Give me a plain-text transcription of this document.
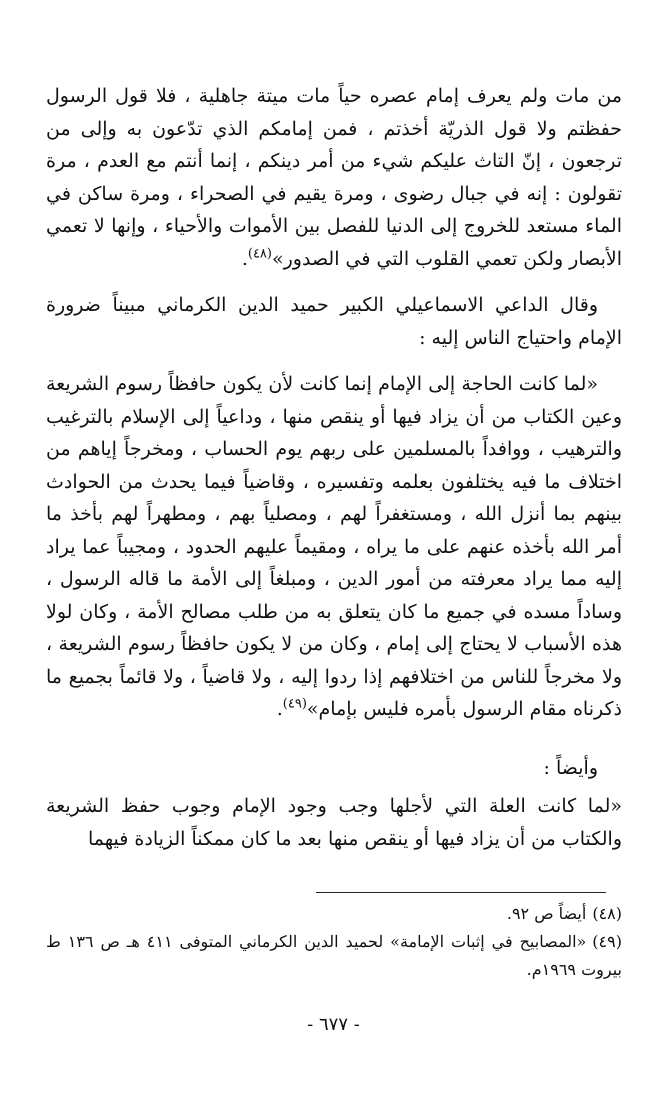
من مات ولم يعرف إمام عصره حياً مات ميتة جاهلية ، فلا قول الرسول حفظتم ولا قول الذريّة أخذتم ، فمن إمامكم الذي تدّعون به وإلى من ترجعون ، إنّ التاث عليكم شيء من أمر دينكم ، إنما أنتم مع العدم ، مرة تقولون : إنه في جبال رضوى ، ومرة يقيم في الصحراء ، ومرة ساكن في الماء مستعد للخروج إلى الدنيا للفصل بين الأموات والأحياء ، وإنها لا تعمي الأبصار ولكن تعمي القلوب التي في الصدور»$^{(٤٨)}$.

وقال الداعي الاسماعيلي الكبير حميد الدين الكرماني مبيناً ضرورة الإمام واحتياج الناس إليه :

«لما كانت الحاجة إلى الإمام إنما كانت لأن يكون حافظاً رسوم الشريعة وعين الكتاب من أن يزاد فيها أو ينقص منها ، وداعياً إلى الإسلام بالترغيب والترهيب ، ووافداً بالمسلمين على ربهم يوم الحساب ، ومخرجاً إياهم من اختلاف ما فيه يختلفون بعلمه وتفسيره ، وقاضياً فيما يحدث من الحوادث بينهم بما أنزل الله ، ومستغفراً لهم ، ومصلياً بهم ، ومطهراً لهم بأخذ ما أمر الله بأخذه عنهم على ما يراه ، ومقيماً عليهم الحدود ، ومجيباً عما يراد إليه مما يراد معرفته من أمور الدين ، ومبلغاً إلى الأمة ما قاله الرسول ، وساداً مسده في جميع ما كان يتعلق به من طلب مصالح الأمة ، وكان لولا هذه الأسباب لا يحتاج إلى إمام ، وكان من لا يكون حافظاً رسوم الشريعة ، ولا مخرجاً للناس من اختلافهم إذا ردوا إليه ، ولا قاضياً ، ولا قائماً بجميع ما ذكرناه مقام الرسول بأمره فليس بإمام»$^{(٤٩)}$.

وأيضاً :

«لما كانت العلة التي لأجلها وجب وجود الإمام وجوب حفظ الشريعة والكتاب من أن يزاد فيها أو ينقص منها بعد ما كان ممكناً الزيادة فيهما

(٤٨)أيضاً ص ٩٢.

(٤٩)«المصابيح في إثبات الإمامة» لحميد الدين الكرماني المتوفى ٤١١ هـ ص ١٣٦ ط بيروت ١٩٦٩م.

- ٦٧٧ -
